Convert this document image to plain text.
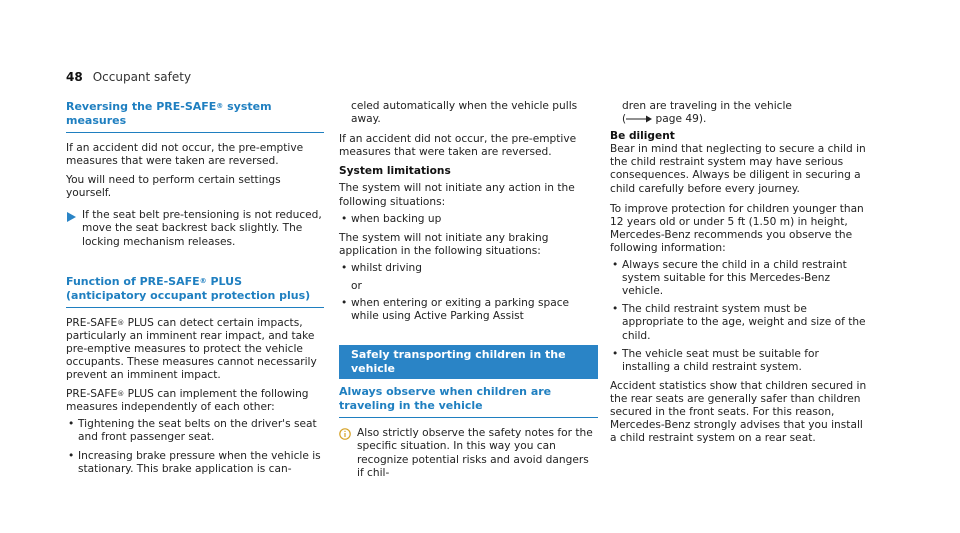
48 Occupant safety
Reversing the PRE-SAFE® system measures

If an accident did not occur, the pre-emptive measures that were taken are reversed.

You will need to perform certain settings yourself.

If the seat belt pre-tensioning is not reduced, move the seat backrest back slightly. The locking mechanism releases.
Function of PRE-SAFE® PLUS (anticipatory occupant protection plus)

PRE-SAFE® PLUS can detect certain impacts, particularly an imminent rear impact, and take pre-emptive measures to protect the vehicle occupants. These measures cannot necessarily prevent an imminent impact.

PRE-SAFE® PLUS can implement the following measures independently of each other:

• Tightening the seat belts on the driver's seat and front passenger seat.
• Increasing brake pressure when the vehicle is stationary. This brake application is can-
celed automatically when the vehicle pulls away.

If an accident did not occur, the pre-emptive measures that were taken are reversed.

System limitations

The system will not initiate any action in the following situations:

• when backing up

The system will not initiate any braking application in the following situations:

• whilst driving
or
• when entering or exiting a parking space while using Active Parking Assist
Safely transporting children in the vehicle
Always observe when children are traveling in the vehicle
Also strictly observe the safety notes for the specific situation. In this way you can recognize potential risks and avoid dangers if chil-
dren are traveling in the vehicle
(	page 49).
Be diligent

Bear in mind that neglecting to secure a child in the child restraint system may have serious consequences. Always be diligent in securing a child carefully before every journey.

To improve protection for children younger than 12 years old or under 5 ft (1.50 m) in height, Mercedes-Benz recommends you observe the following information:

• Always secure the child in a child restraint system suitable for this Mercedes-Benz vehicle.
• The child restraint system must be appropriate to the age, weight and size of the child.
• The vehicle seat must be suitable for installing a child restraint system.

Accident statistics show that children secured in the rear seats are generally safer than children secured in the front seats. For this reason, Mercedes-Benz strongly advises that you install a child restraint system on a rear seat.
